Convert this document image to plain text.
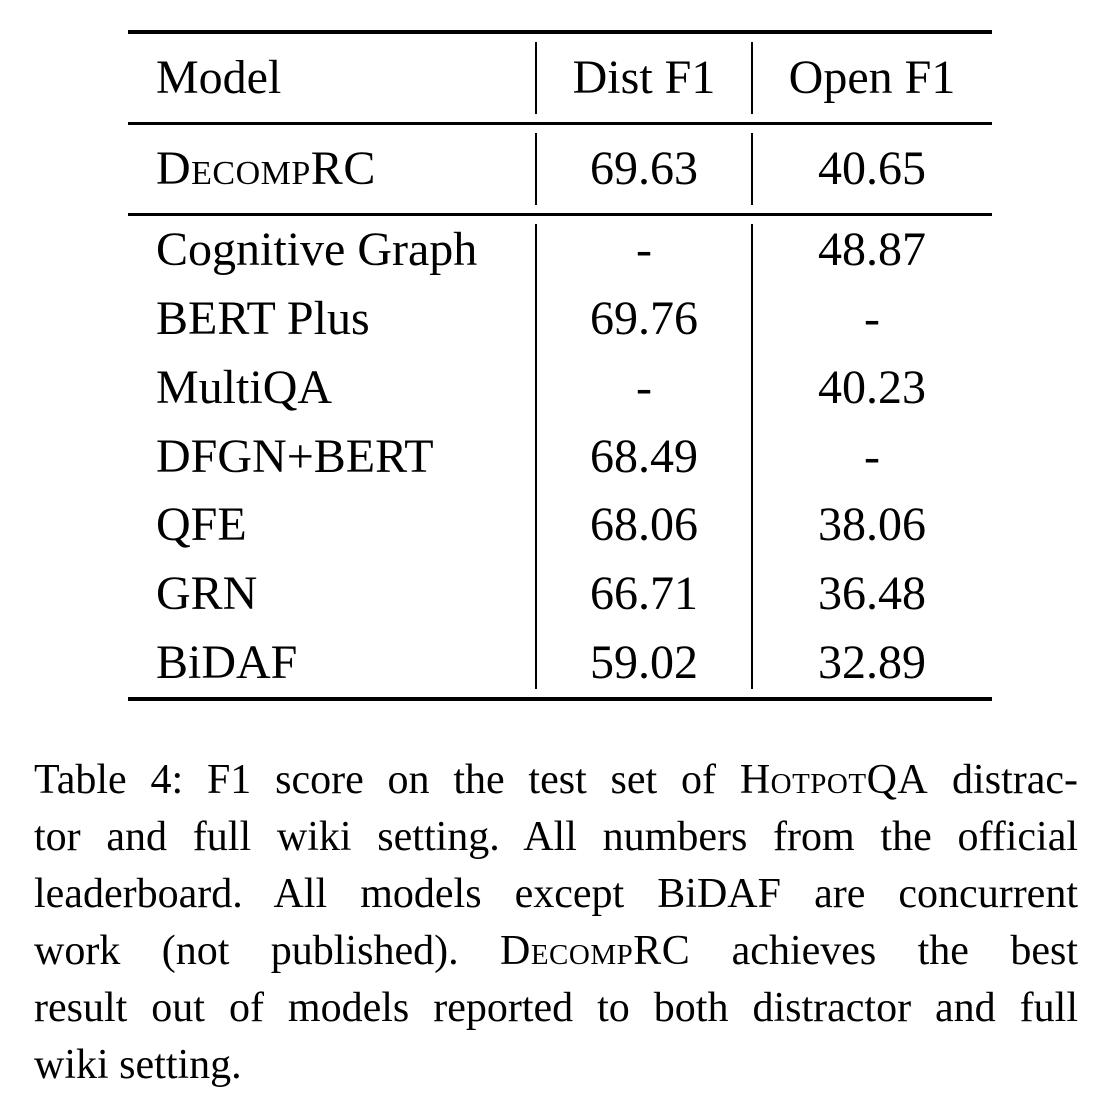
Model	Dist F1	Open F1
DecompRC	69.63	40.65
Cognitive Graph	-	48.87
BERT Plus	69.76	-
MultiQA	-	40.23
DFGN+BERT	68.49	-
QFE	68.06	38.06
GRN	66.71	36.48
BiDAF	59.02	32.89
Table 4: F1 score on the test set of HotpotQA distrac-
tor and full wiki setting. All numbers from the official
leaderboard. All models except BiDAF are concurrent
work (not published). DecompRC achieves the best
result out of models reported to both distractor and full
wiki setting.
